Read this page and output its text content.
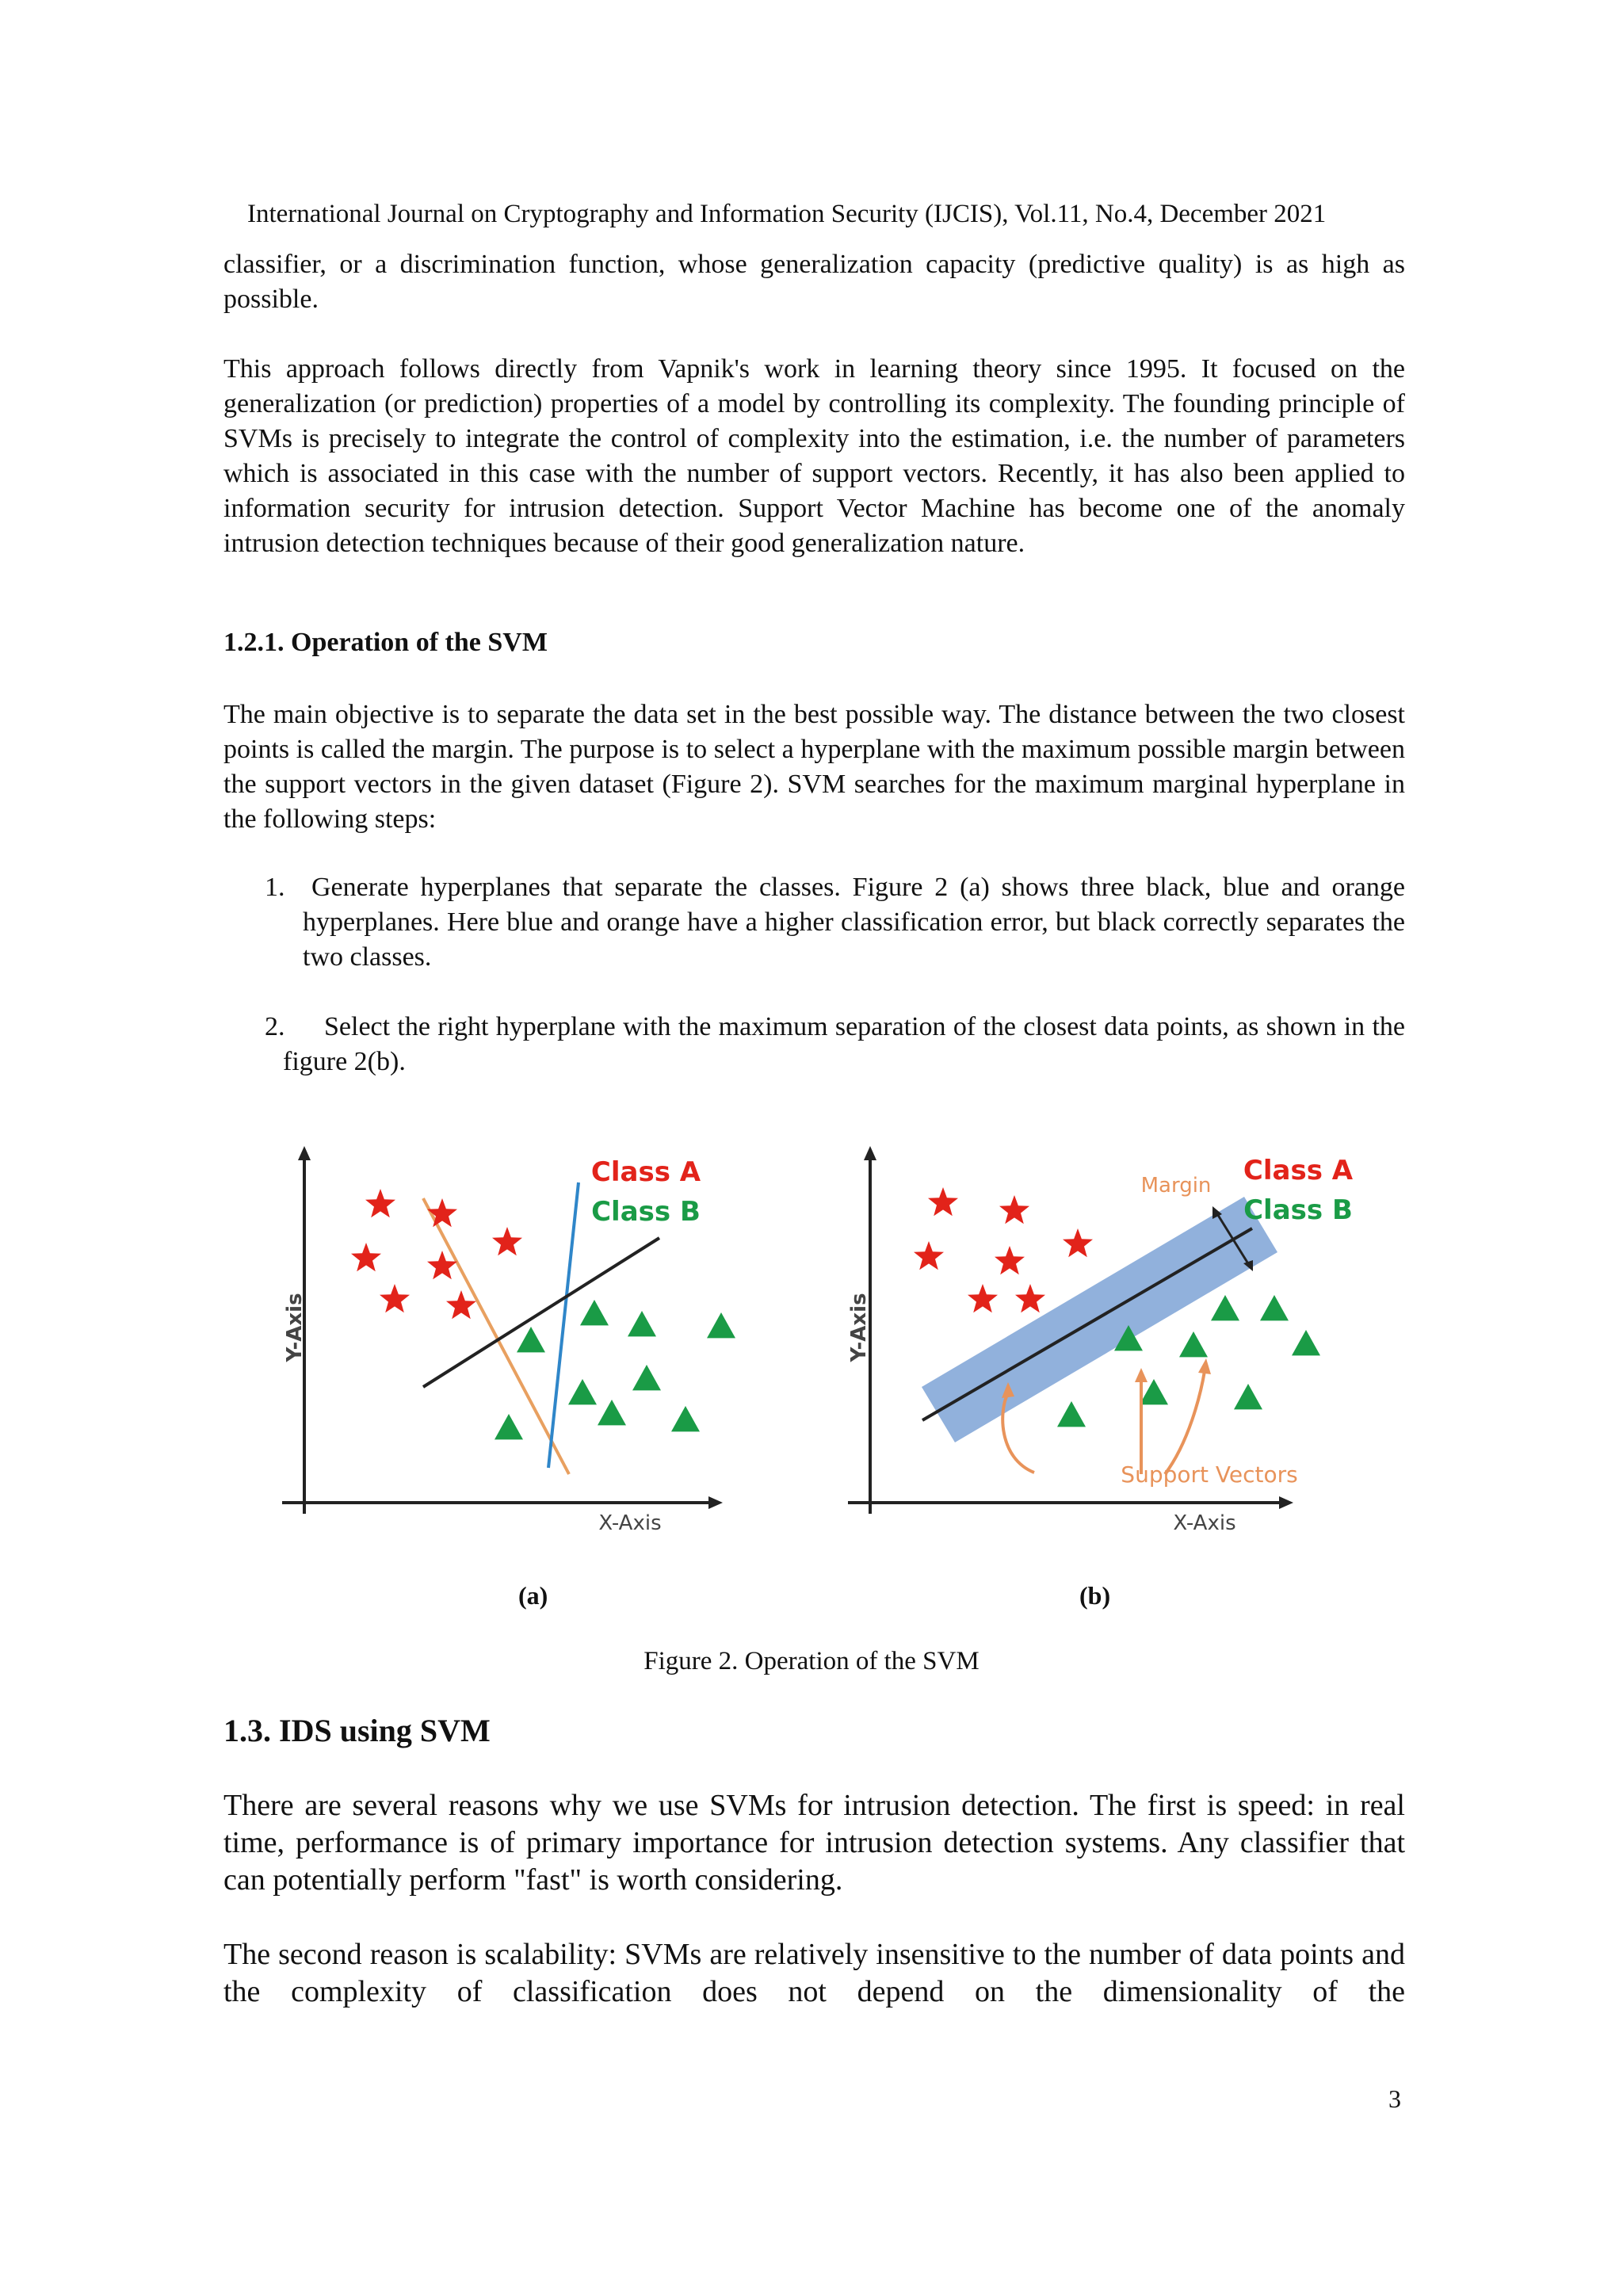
International Journal on Cryptography and Information Security (IJCIS), Vol.11, No.4, December 2021

classifier, or a discrimination function, whose generalization capacity (predictive quality) is as high as possible.

This approach follows directly from Vapnik's work in learning theory since 1995. It focused on the generalization (or prediction) properties of a model by controlling its complexity. The founding principle of SVMs is precisely to integrate the control of complexity into the estimation, i.e. the number of parameters which is associated in this case with the number of support vectors. Recently, it has also been applied to information security for intrusion detection. Support Vector Machine has become one of the anomaly intrusion detection techniques because of their good generalization nature.

1.2.1. Operation of the SVM

The main objective is to separate the data set in the best possible way. The distance between the two closest points is called the margin. The purpose is to select a hyperplane with the maximum possible margin between the support vectors in the given dataset (Figure 2). SVM searches for the maximum marginal hyperplane in the following steps:

1. Generate hyperplanes that separate the classes. Figure 2 (a) shows three black, blue and orange hyperplanes. Here blue and orange have a higher classification error, but black correctly separates the two classes.
2.	Select the right hyperplane with the maximum separation of the closest data points, as shown in the figure 2(b).
Y-Axis
X-Axis
Class A
Class B
Y-Axis
X-Axis
Class A
Class B
Margin
Support Vectors
(a)	(b)
Figure 2. Operation of the SVM

1.3. IDS using SVM

There are several reasons why we use SVMs for intrusion detection. The first is speed: in real time, performance is of primary importance for intrusion detection systems. Any classifier that can potentially perform "fast" is worth considering.

The second reason is scalability: SVMs are relatively insensitive to the number of data points and the complexity of classification does not depend on the dimensionality of the

3
